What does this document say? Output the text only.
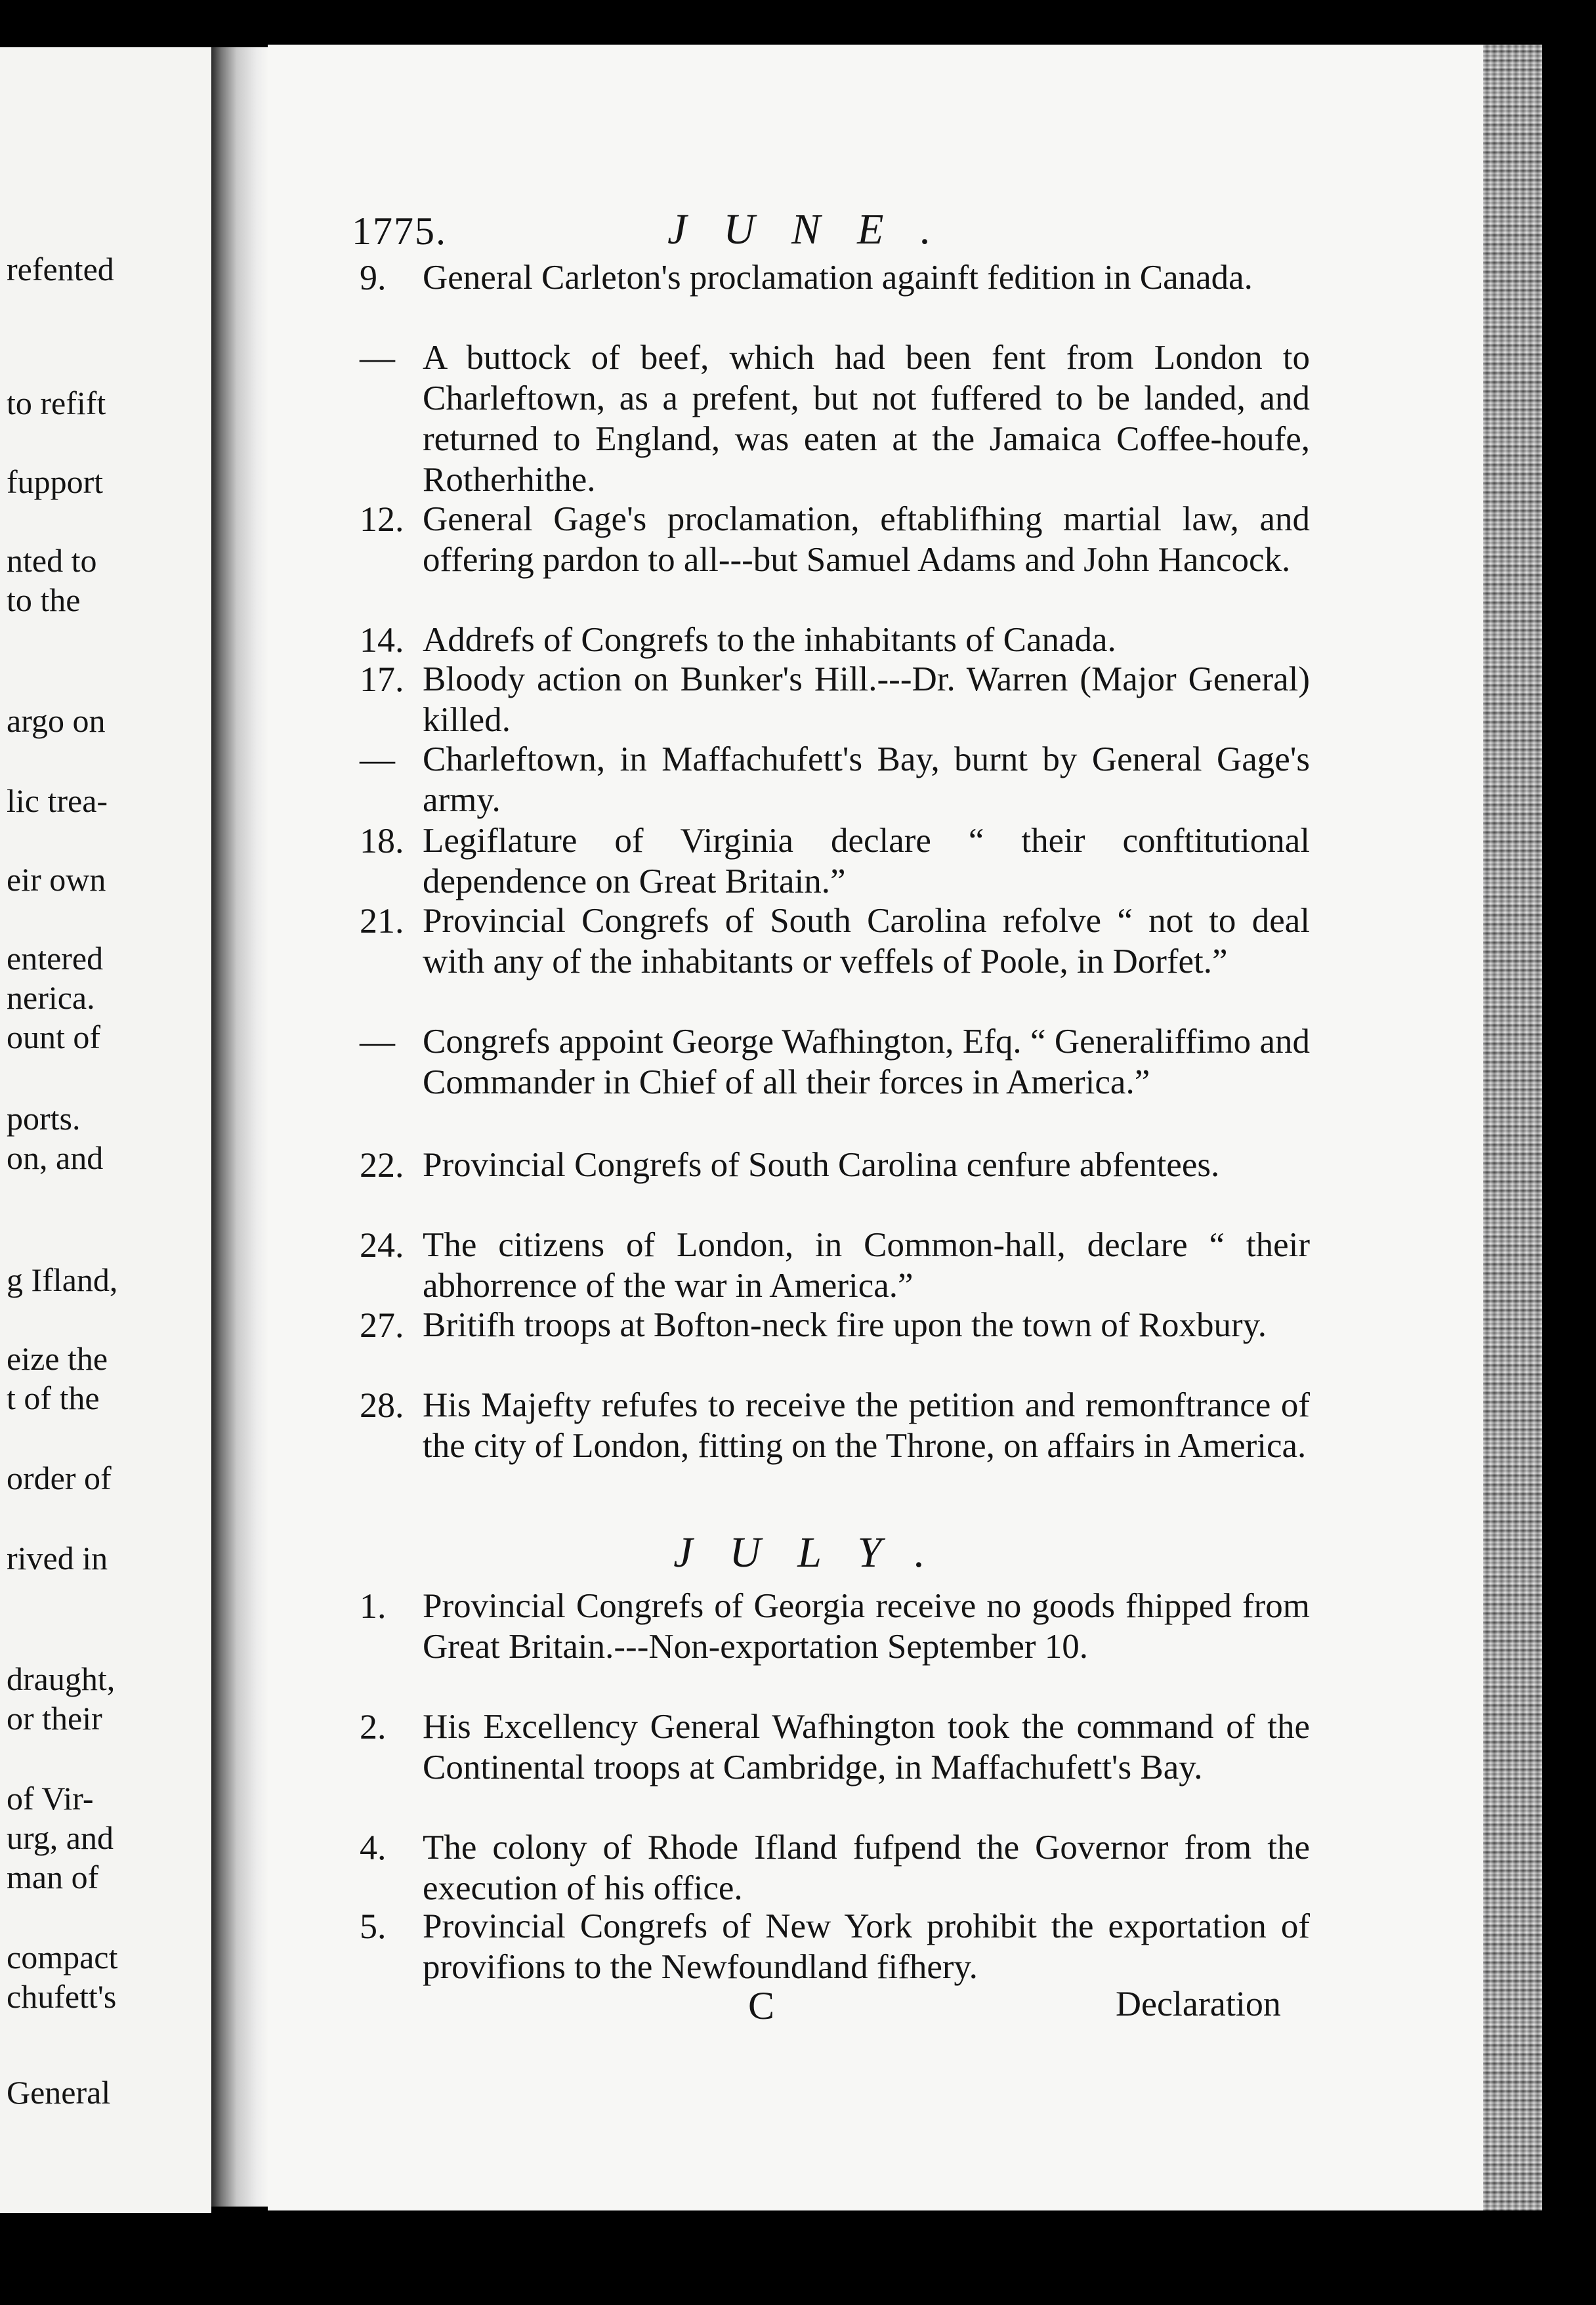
refented
to refift
fupport
nted to
to the
argo on
lic trea-
eir own
entered
nerica.
ount of
ports.
on, and
g Ifland,
eize the
t of the
order of
rived in
draught,
or their
of Vir-
urg, and
man of
compact
chufett's
General
1775.	JUNE.
9.	General Carleton's proclamation againft fedition in Canada.
— A buttock of beef, which had been fent from London to Charleftown, as a prefent, but not fuffered to be landed, and returned to England, was eaten at the Jamaica Coffee-houfe, Rotherhithe.
12. General Gage's proclamation, eftablifhing martial law, and offering pardon to all---but Samuel Adams and John Hancock.
14. Addrefs of Congrefs to the inhabitants of Canada.
17. Bloody action on Bunker's Hill.---Dr. Warren (Major General) killed.
— Charleftown, in Maffachufett's Bay, burnt by General Gage's army.
18. Legiflature of Virginia declare “ their conftitutional dependence on Great Britain.”
21. Provincial Congrefs of South Carolina refolve “ not to deal with any of the inhabitants or veffels of Poole, in Dorfet.”
— Congrefs appoint George Wafhington, Efq. “ Generaliffimo and Commander in Chief of all their forces in America.”
22. Provincial Congrefs of South Carolina cenfure abfentees.
24. The citizens of London, in Common-hall, declare “ their abhorrence of the war in America.”
27. Britifh troops at Bofton-neck fire upon the town of Roxbury.
28. His Majefty refufes to receive the petition and remonftrance of the city of London, fitting on the Throne, on affairs in America.
JULY.
1.	Provincial Congrefs of Georgia receive no goods fhipped from Great Britain.---Non-exportation September 10.
2.	His Excellency General Wafhington took the command of the Continental troops at Cambridge, in Maffachufett's Bay.
4.	The colony of Rhode Ifland fufpend the Governor from the execution of his office.
5.	Provincial Congrefs of New York prohibit the exportation of provifions to the Newfoundland fifhery.
C	Declaration
